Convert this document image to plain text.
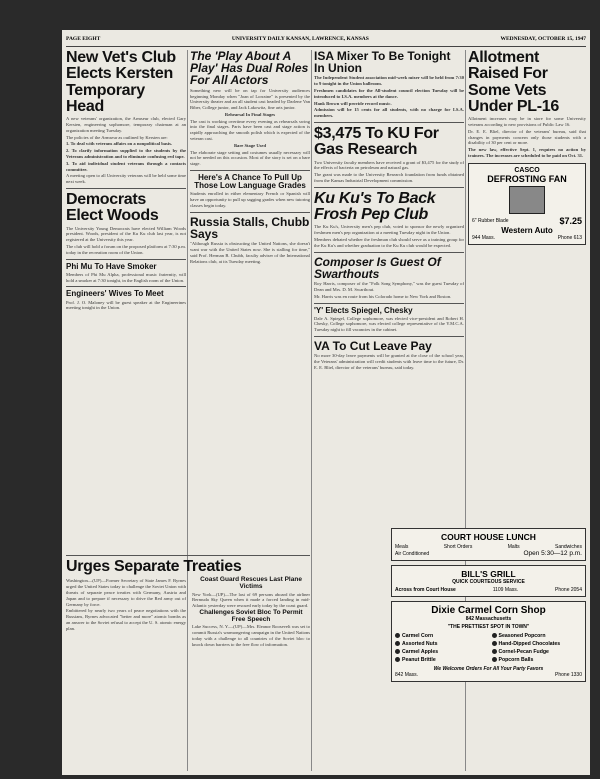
PAGE EIGHT	UNIVERSITY DAILY KANSAN, LAWRENCE, KANSAS	WEDNESDAY, OCTOBER 15, 1947
New Vet's Club Elects Kersten Temporary Head

A new veterans' organization, the Armseur club, elected Gary Kersten, engineering sophomore, temporary chairman at an organization meeting Tuesday.

The policies of the Armseur as outlined by Kersten are:

1. To deal with veterans affairs on a nonpolitical basis.

2. To clarify information supplied to the students by the Veterans administration and to eliminate confusing red tape.

3. To aid individual student veterans through a contacts committee.

A meeting open to all University veterans will be held some time next week.

Democrats Elect Woods

The University Young Democrats have elected William Woods president. Woods, president of the Ku Ku club last year, is not registered at the University this year.

The club will hold a forum on the proposed platform at 7:30 p.m. today in the recreation room of the Union.

Phi Mu To Have Smoker

Members of Phi Mu Alpha, professional music fraternity, will hold a smoker at 7:30 tonight, in the English room of the Union.

Engineers' Wives To Meet

Prof. J. O. Maloney will be guest speaker at the Engineerines meeting tonight in the Union.

The 'Play About A Play' Has Dual Roles For All Actors

Something new will be on tap for University audiences beginning Monday when "Joan of Lorraine" is presented by the University theater and an all student cast headed by Darlene Van Biber, College junior, and Jack Lakowitz, fine arts junior.

Rehearsal In Final Stages

The cast is working overtime every evening as rehearsals swing into the final stages. Parts have been cast and stage action is rapidly approaching the smooth polish which is expected of the veteran cast.

Bare Stage Used

The elaborate stage setting and costumes usually necessary will not be needed on this occasion. Most of the story is set on a bare stage.

Here's A Chance To Pull Up Those Low Language Grades

Students enrolled in either elementary French or Spanish will have an opportunity to pull up sagging grades when new tutoring classes begin today.

Russia Stalls, Chubb Says

"Although Russia is obstructing the United Nations, she doesn't want war with the United States now. She is stalling for time," said Prof. Herman B. Chubb, faculty adviser of the International Relations club, at its Tuesday meeting.

Urges Separate Treaties

Washington—(UP)—Former Secretary of State James F. Byrnes urged the United States today to challenge the Soviet Union with threats of separate peace treaties with Germany, Austria and Japan and to prepare if necessary to drive the Red army out of Germany by force.

Embittered by nearly two years of peace negotiations with the Russians, Byrnes advocated "better and more" atomic bombs as an answer to the Soviet refusal to accept the U. S. atomic energy plan.

Coast Guard Rescues Last Plane Victims

New York—(UP)—The last of 69 persons aboard the airliner Bermuda Sky Queen when it made a forced landing in mid-Atlantic yesterday were rescued early today by the coast guard.

Challenges Soviet Bloc To Permit Free Speech

Lake Success, N. Y.—(UP)—Mrs. Eleanor Roosevelt was set to commit Russia's warmongering campaign in the United Nations today with a challenge to all countries of the Soviet bloc to knock down barriers to the free flow of information.

ISA Mixer To Be Tonight In Union

The Independent Student association mid-week mixer will be held from 7:30 to 9 tonight in the Union ballroom.

Freshmen candidates for the All-student council election Tuesday will be introduced to I.S.A. members at the dance.

Hank Brown will provide record music.

Admission will be 15 cents for all students, with no charge for I.S.A. members.

$3,475 To KU For Gas Research

Two University faculty members have received a grant of $3,475 for the study of the effects of bacteria on petroleum and natural gas.

The grant was made to the University Research foundation from funds obtained from the Kansas Industrial Development commission.

Ku Ku's To Back Frosh Pep Club

The Ku Ku's, University men's pep club, voted to sponsor the newly organized freshmen men's pep organization at a meeting Tuesday night in the Union.

Members debated whether the freshman club should serve as a training group for the Ku Ku's and whether graduation to the Ku Ku club would be expected.

Composer Is Guest Of Swarthouts

Roy Harris, composer of the "Folk Song Symphony," was the guest Tuesday of Dean and Mrs. D. M. Swarthout.

Mr. Harris was en route from his Colorado home to New York and Boston.

'Y' Elects Spiegel, Chesky

Dale A. Spiegel, College sophomore, was elected vice-president and Robert H. Chesky, College sophomore, was elected college representative of the Y.M.C.A. Tuesday night to fill vacancies in the cabinet.

VA To Cut Leave Pay

No more 30-day leave payments will be granted at the close of the school year, the Veterans' administration will credit students with leave time to the future, Dr. E. E. Bliel, director of the veterans' bureau, said today.

Allotment Raised For Some Vets Under PL-16

Allotment increases may be in store for some University veterans according to new provisions of Public Law 16.

Dr. E. E. Bliel, director of the veterans' bureau, said that changes in payments concern only those students with a disability of 30 per cent or more.

The new law, effective Sept. 1, requires no action by trainees. The increases are scheduled to be paid on Oct. 31.

CASCO
DEFROSTING FAN
6" Rubber Blade	$7.25
Western Auto
944 Mass.	Phone 613
COURT HOUSE LUNCH
Meals	Short Orders	Malts	Sandwiches
Air Conditioned	Open 5:30—12 p.m.
BILL'S GRILL
QUICK COURTEOUS SERVICE
Across from Court House	1109 Mass.	Phone 2054
Dixie Carmel Corn Shop
842 Massachusetts
"THE PRETTIEST SPOT IN TOWN"
Carmel Corn	Seasoned Popcorn
Assorted Nuts	Hand-Dipped Chocolates
Carmel Apples	Cornel-Pecan Fudge
Peanut Brittle	Popcorn Balls
We Welcome Orders For All Your Party Favors
842 Mass.	Phone 1330
